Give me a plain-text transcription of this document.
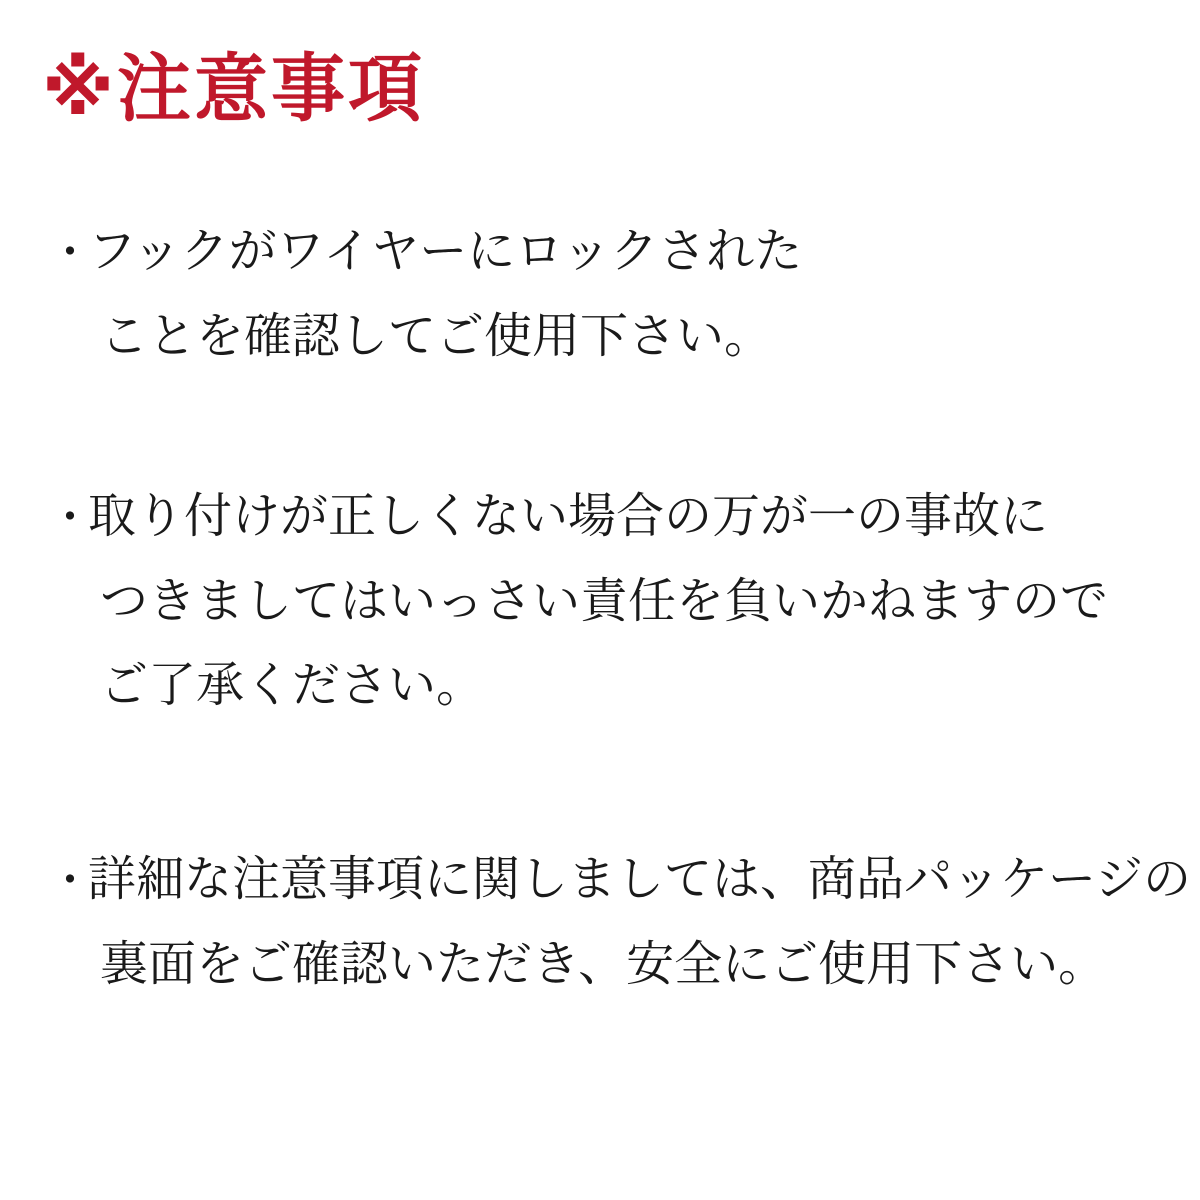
※注意事項
・フックがワイヤーにロックされた
ことを確認してご使用下さい。
・取り付けが正しくない場合の万が一の事故に
つきましてはいっさい責任を負いかねますので
ご了承ください。
・詳細な注意事項に関しましては、商品パッケージの
裏面をご確認いただき、安全にご使用下さい。
